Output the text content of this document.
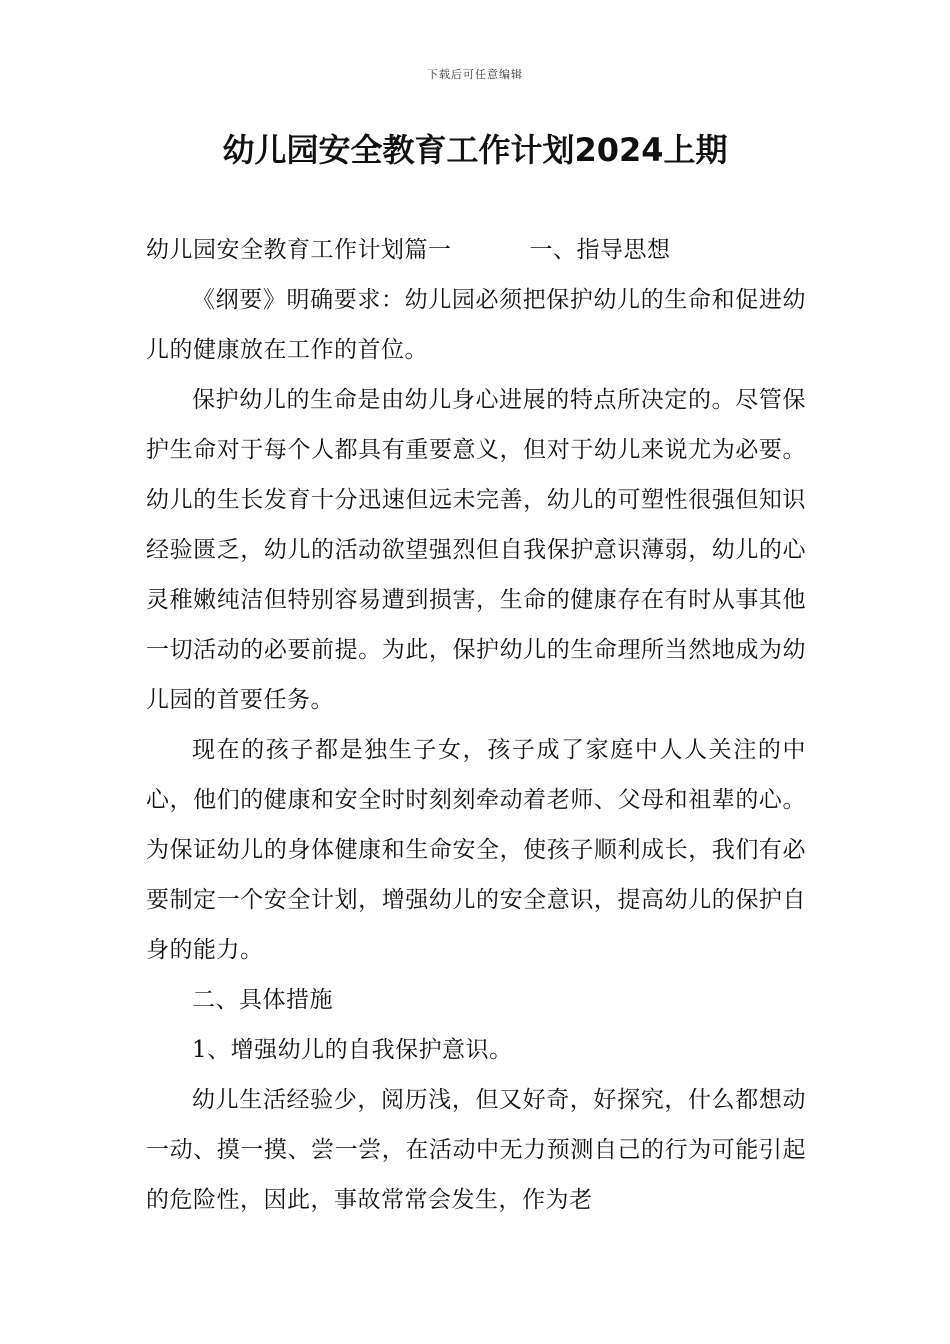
下载后可任意编辑
幼儿园安全教育工作计划2024上期

幼儿园安全教育工作计划篇一	一、指导思想

《纲要》明确要求：幼儿园必须把保护幼儿的生命和促进幼儿的健康放在工作的首位。

保护幼儿的生命是由幼儿身心进展的特点所决定的。尽管保护生命对于每个人都具有重要意义，但对于幼儿来说尤为必要。幼儿的生长发育十分迅速但远未完善，幼儿的可塑性很强但知识经验匮乏，幼儿的活动欲望强烈但自我保护意识薄弱，幼儿的心灵稚嫩纯洁但特别容易遭到损害，生命的健康存在有时从事其他一切活动的必要前提。为此，保护幼儿的生命理所当然地成为幼儿园的首要任务。

现在的孩子都是独生子女，孩子成了家庭中人人关注的中心，他们的健康和安全时时刻刻牵动着老师、父母和祖辈的心。为保证幼儿的身体健康和生命安全，使孩子顺利成长，我们有必要制定一个安全计划，增强幼儿的安全意识，提高幼儿的保护自身的能力。

二、具体措施

1、增强幼儿的自我保护意识。

幼儿生活经验少，阅历浅，但又好奇，好探究，什么都想动一动、摸一摸、尝一尝，在活动中无力预测自己的行为可能引起的危险性，因此，事故常常会发生，作为老
